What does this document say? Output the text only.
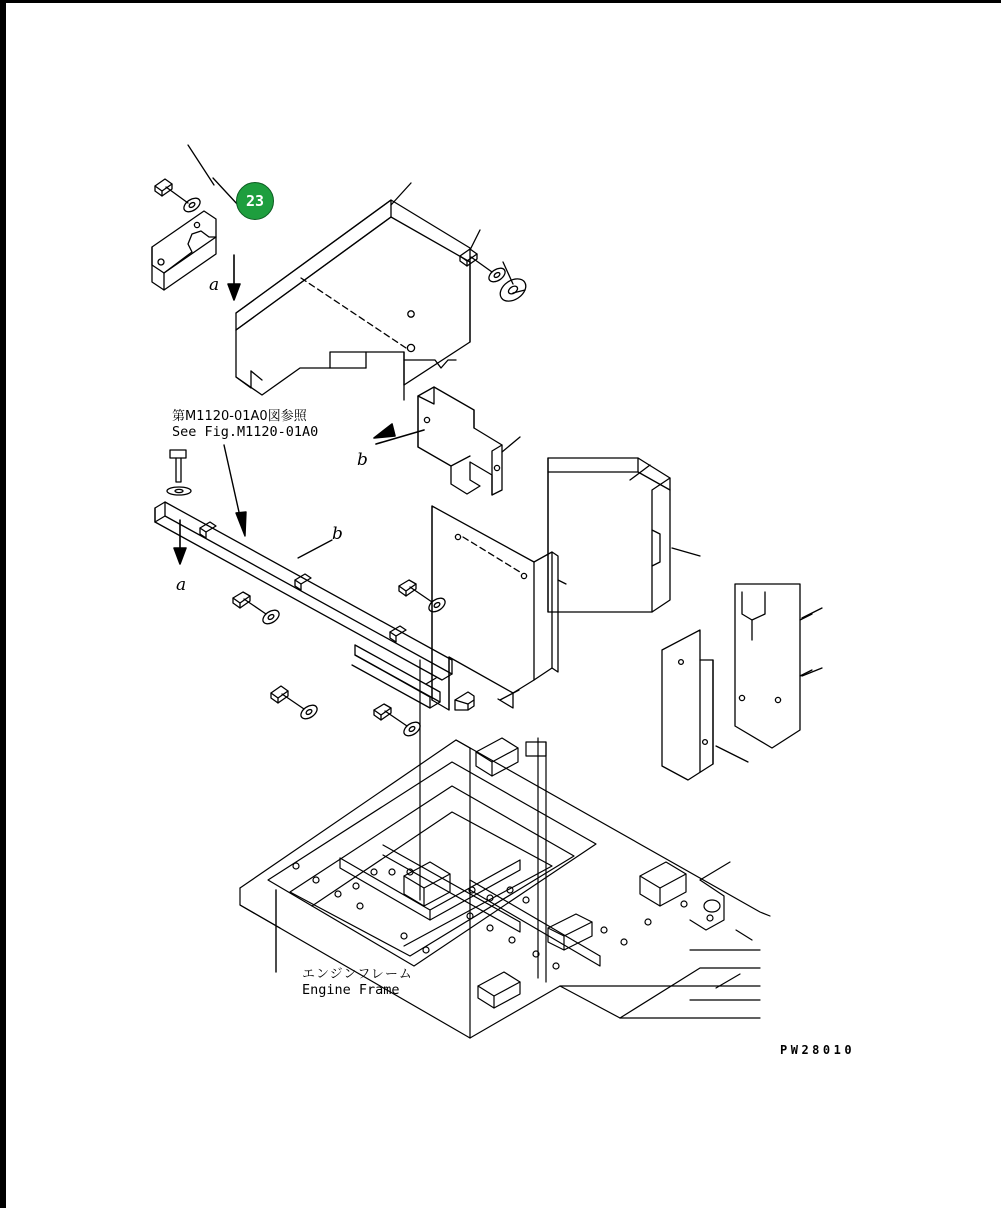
第M1120-01A0図参照
See Fig.M1120-01A0
エンジンフレーム
Engine Frame
PW28010
23
a
b
a
b
